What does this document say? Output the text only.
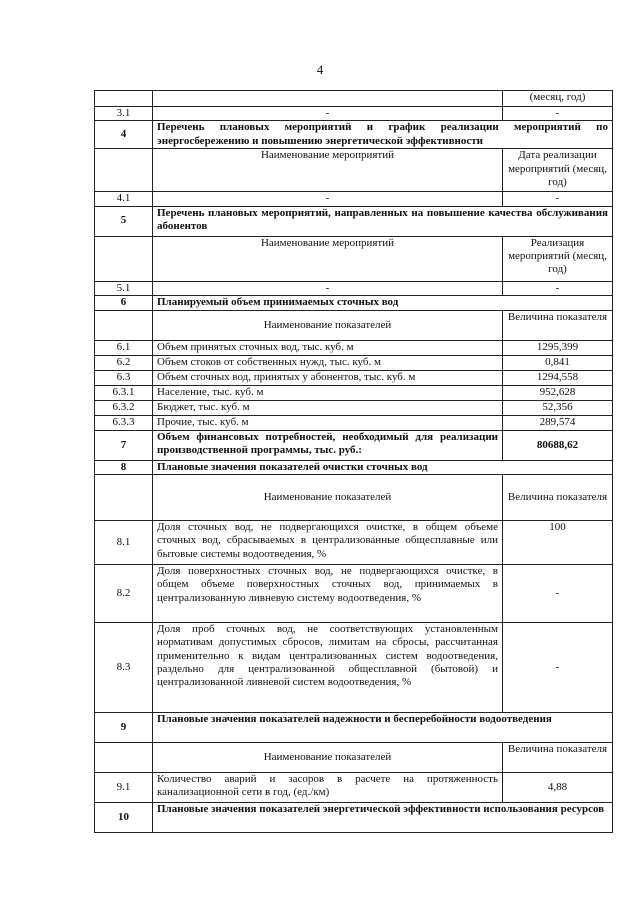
4
		(месяц, год)
3.1	-	-
4	Перечень плановых мероприятий и график реализации мероприятий по энергосбережению и повышению энергетической эффективности	
	Наименование мероприятий	Дата реализации мероприятий (месяц, год)
4.1	-	-
5	Перечень плановых мероприятий, направленных на повышение качества обслуживания абонентов	
	Наименование мероприятий	Реализация мероприятий (месяц, год)
5.1	-	-
6	Планируемый объем принимаемых сточных вод	
	Наименование показателей	Величина показателя
6.1	Объем принятых сточных вод, тыс. куб. м	1295,399
6.2	Объем стоков от собственных нужд, тыс. куб. м	0,841
6.3	Объем сточных вод, принятых у абонентов, тыс. куб. м	1294,558
6.3.1	Население, тыс. куб. м	952,628
6.3.2	Бюджет, тыс. куб. м	52,356
6.3.3	Прочие, тыс. куб. м	289,574
7	Объем финансовых потребностей, необходимый для реализации производственной программы, тыс. руб.:	80688,62
8	Плановые значения показателей очистки сточных вод	
	Наименование показателей	Величина показателя
8.1	Доля сточных вод, не подвергающихся очистке, в общем объеме сточных вод, сбрасываемых в централизованные общесплавные или бытовые системы водоотведения, %	100
8.2	Доля поверхностных сточных вод, не подвергающихся очистке, в общем объеме поверхностных сточных вод, принимаемых в централизованную ливневую систему водоотведения, %	-
8.3	Доля проб сточных вод, не соответствующих установленным нормативам допустимых сбросов, лимитам на сбросы, рассчитанная применительно к видам централизованных систем водоотведения, раздельно для централизованной общесплавной (бытовой) и централизованной ливневой систем водоотведения, %	-
9	Плановые значения показателей надежности и бесперебойности водоотведения	
	Наименование показателей	Величина показателя
9.1	Количество аварий и засоров в расчете на протяженность канализационной сети в год, (ед./км)	4,88
10	Плановые значения показателей энергетической эффективности использования ресурсов	
